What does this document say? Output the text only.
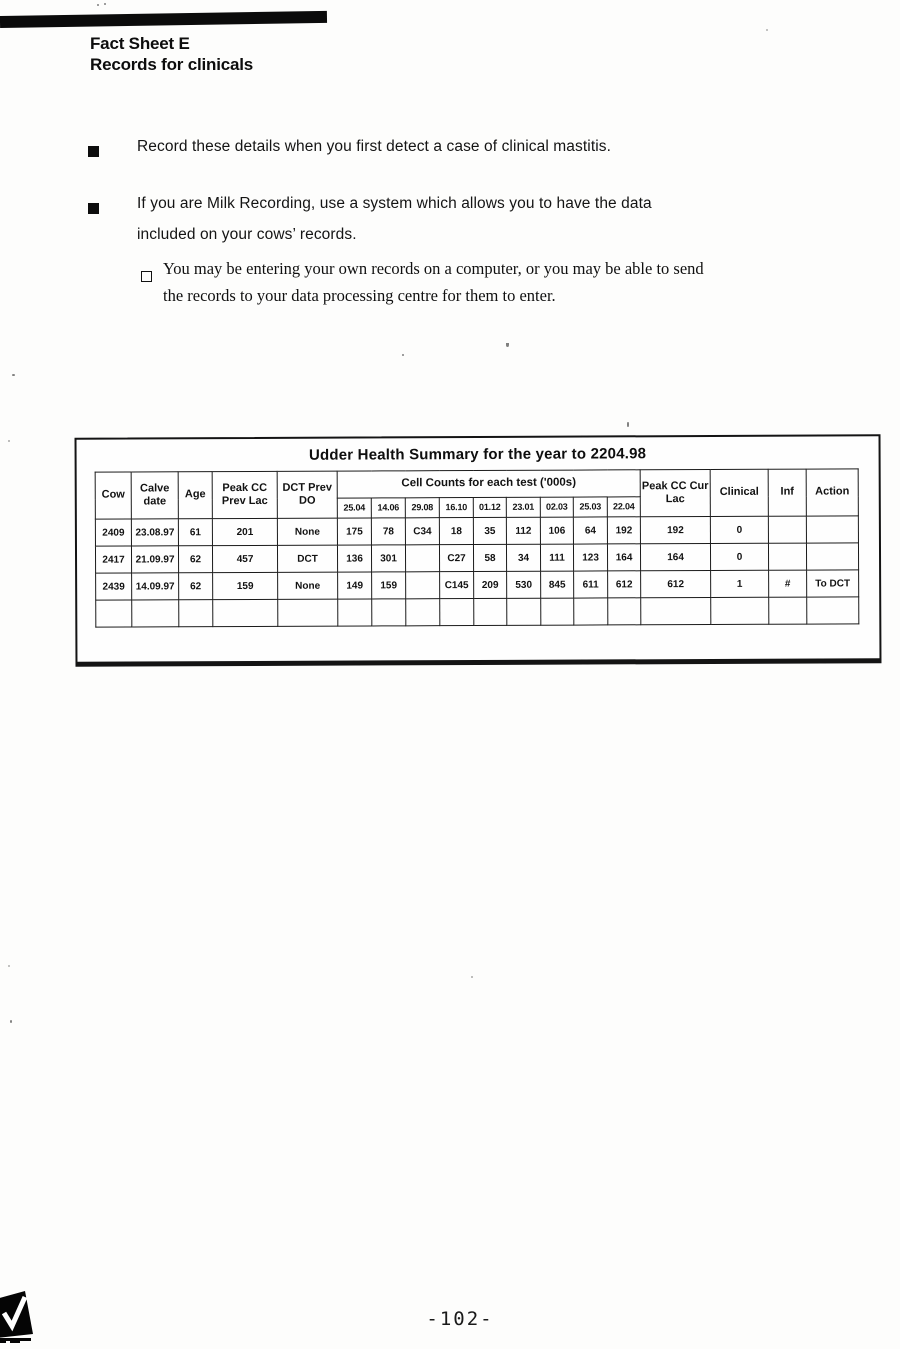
Fact Sheet E
Records for clinicals
Record these details when you first detect a case of clinical mastitis.
If you are Milk Recording, use a system which allows you to have the data
included on your cows’ records.
You may be entering your own records on a computer, or you may be able to send
the records to your data processing centre for them to enter.
Udder Health Summary for the year to 2204.98
Cow	Calve date	Age	Peak CC Prev Lac	DCT Prev DO	Cell Counts for each test ('000s)									Peak CC Cur Lac	Clinical	Inf	Action
					25.04	14.06	29.08	16.10	01.12	23.01	02.03	25.03	22.04				
2409	23.08.97	61	201	None	175	78	C34	18	35	112	106	64	192	192	0		
2417	21.09.97	62	457	DCT	136	301		C27	58	34	111	123	164	164	0		
2439	14.09.97	62	159	None	149	159		C145	209	530	845	611	612	612	1	#	To DCT

-102-
